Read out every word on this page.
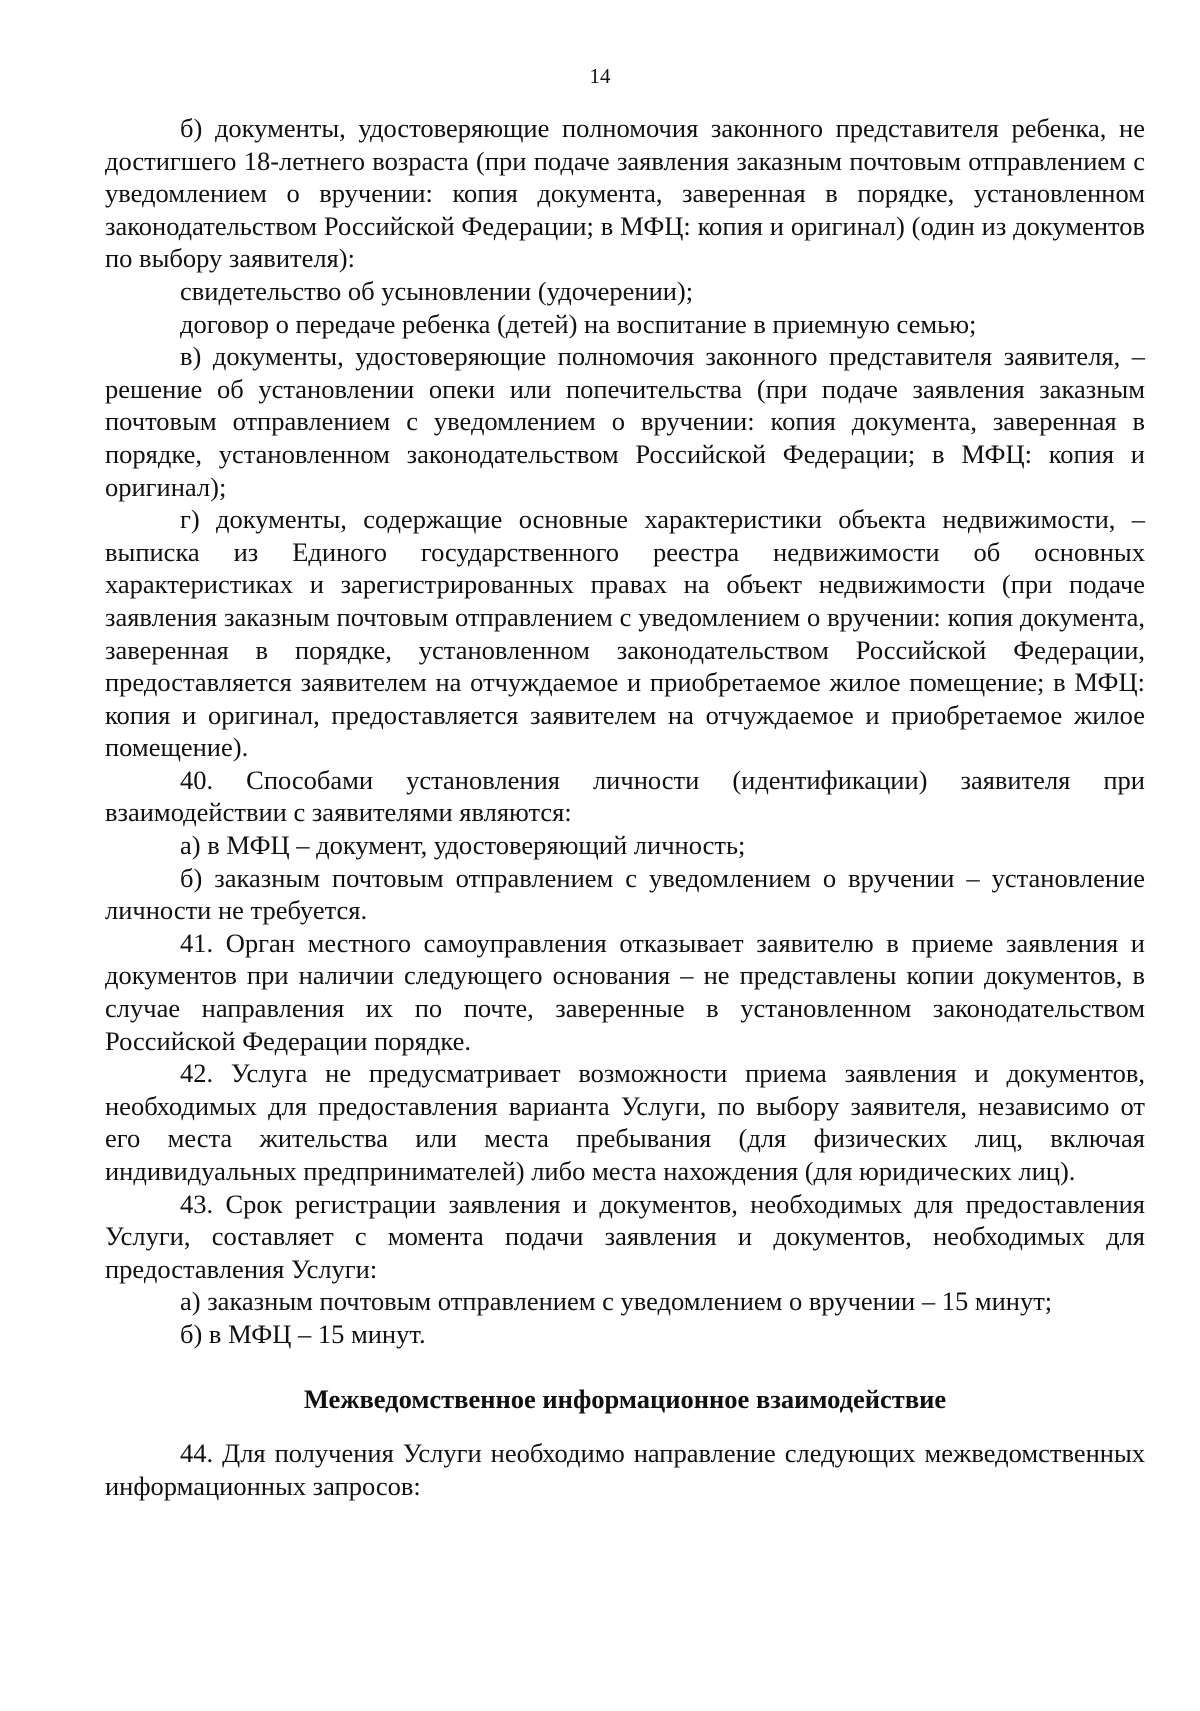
14

б) документы, удостоверяющие полномочия законного представителя ребенка, не достигшего 18-летнего возраста (при подаче заявления заказным почтовым отправлением с уведомлением о вручении: копия документа, заверенная в порядке, установленном законодательством Российской Федерации; в МФЦ: копия и оригинал) (один из документов по выбору заявителя):

свидетельство об усыновлении (удочерении);

договор о передаче ребенка (детей) на воспитание в приемную семью;

в) документы, удостоверяющие полномочия законного представителя заявителя, – решение об установлении опеки или попечительства (при подаче заявления заказным почтовым отправлением с уведомлением о вручении: копия документа, заверенная в порядке, установленном законодательством Российской Федерации; в МФЦ: копия и оригинал);

г) документы, содержащие основные характеристики объекта недвижимости, – выписка из Единого государственного реестра недвижимости об основных характеристиках и зарегистрированных правах на объект недвижимости (при подаче заявления заказным почтовым отправлением с уведомлением о вручении: копия документа, заверенная в порядке, установленном законодательством Российской Федерации, предоставляется заявителем на отчуждаемое и приобретаемое жилое помещение; в МФЦ: копия и оригинал, предоставляется заявителем на отчуждаемое и приобретаемое жилое помещение).

40. Способами установления личности (идентификации) заявителя при взаимодействии с заявителями являются:

а) в МФЦ – документ, удостоверяющий личность;

б) заказным почтовым отправлением с уведомлением о вручении – установление личности не требуется.

41. Орган местного самоуправления отказывает заявителю в приеме заявления и документов при наличии следующего основания – не представлены копии документов, в случае направления их по почте, заверенные в установленном законодательством Российской Федерации порядке.

42. Услуга не предусматривает возможности приема заявления и документов, необходимых для предоставления варианта Услуги, по выбору заявителя, независимо от его места жительства или места пребывания (для физических лиц, включая индивидуальных предпринимателей) либо места нахождения (для юридических лиц).

43. Срок регистрации заявления и документов, необходимых для предоставления Услуги, составляет с момента подачи заявления и документов, необходимых для предоставления Услуги:

а) заказным почтовым отправлением с уведомлением о вручении – 15 минут;

б) в МФЦ – 15 минут.

Межведомственное информационное взаимодействие

44. Для получения Услуги необходимо направление следующих межведомственных информационных запросов:
